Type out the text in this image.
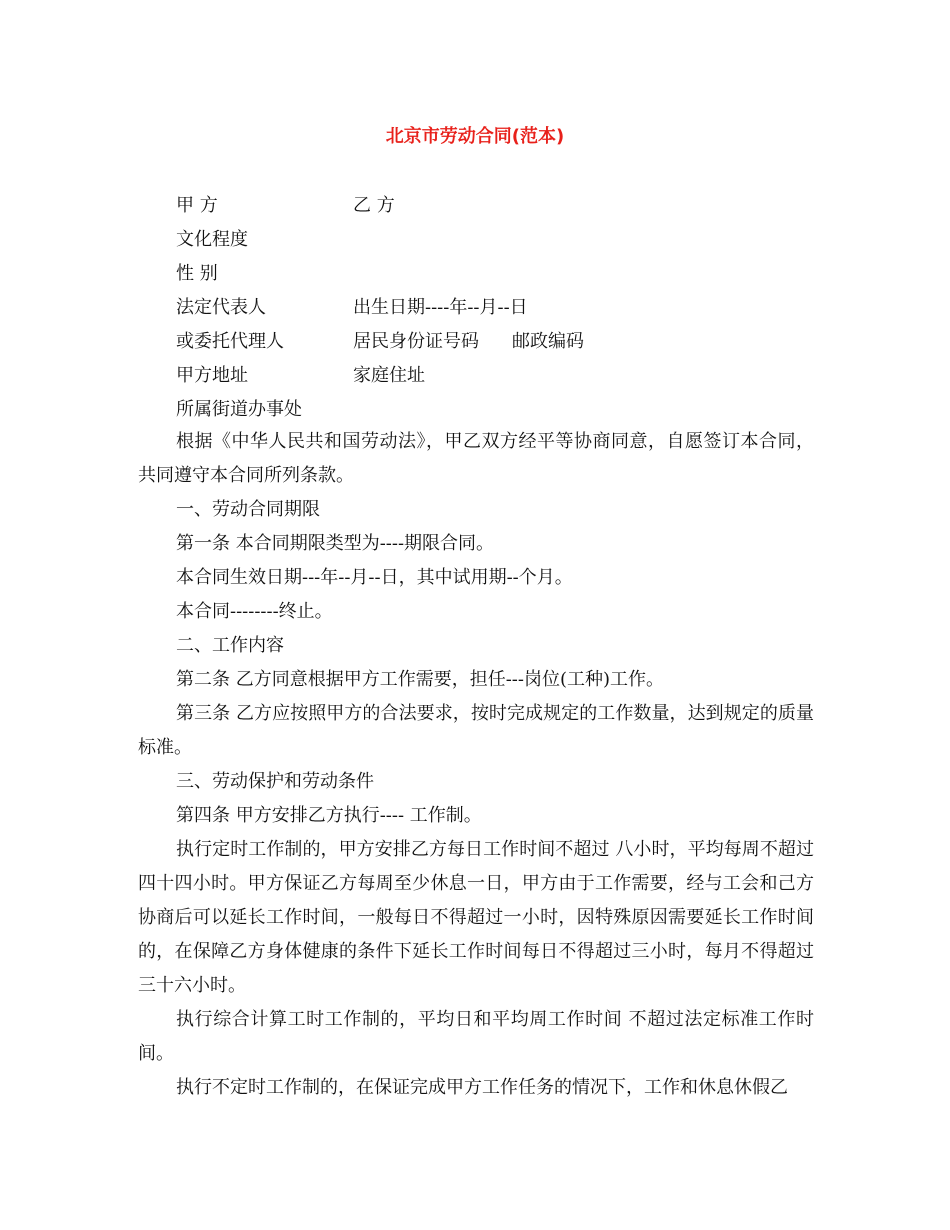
北京市劳动合同(范本)
甲 方	乙 方
文化程度
性 别
法定代表人	出生日期----年--月--日
或委托代理人	居民身份证号码 邮政编码
甲方地址	家庭住址
所属街道办事处
根据《中华人民共和国劳动法》，甲乙双方经平等协商同意，自愿签订本合同，共同遵守本合同所列条款。
一、劳动合同期限
第一条 本合同期限类型为----期限合同。
本合同生效日期---年--月--日，其中试用期--个月。
本合同--------终止。
二、工作内容
第二条 乙方同意根据甲方工作需要，担任---岗位(工种)工作。
第三条 乙方应按照甲方的合法要求，按时完成规定的工作数量，达到规定的质量标准。
三、劳动保护和劳动条件
第四条 甲方安排乙方执行---- 工作制。
执行定时工作制的，甲方安排乙方每日工作时间不超过 八小时，平均每周不超过四十四小时。甲方保证乙方每周至少休息一日，甲方由于工作需要，经与工会和己方协商后可以延长工作时间，一般每日不得超过一小时，因特殊原因需要延长工作时间的，在保障乙方身体健康的条件下延长工作时间每日不得超过三小时，每月不得超过三十六小时。
执行综合计算工时工作制的，平均日和平均周工作时间 不超过法定标准工作时间。
执行不定时工作制的，在保证完成甲方工作任务的情况下，工作和休息休假乙
